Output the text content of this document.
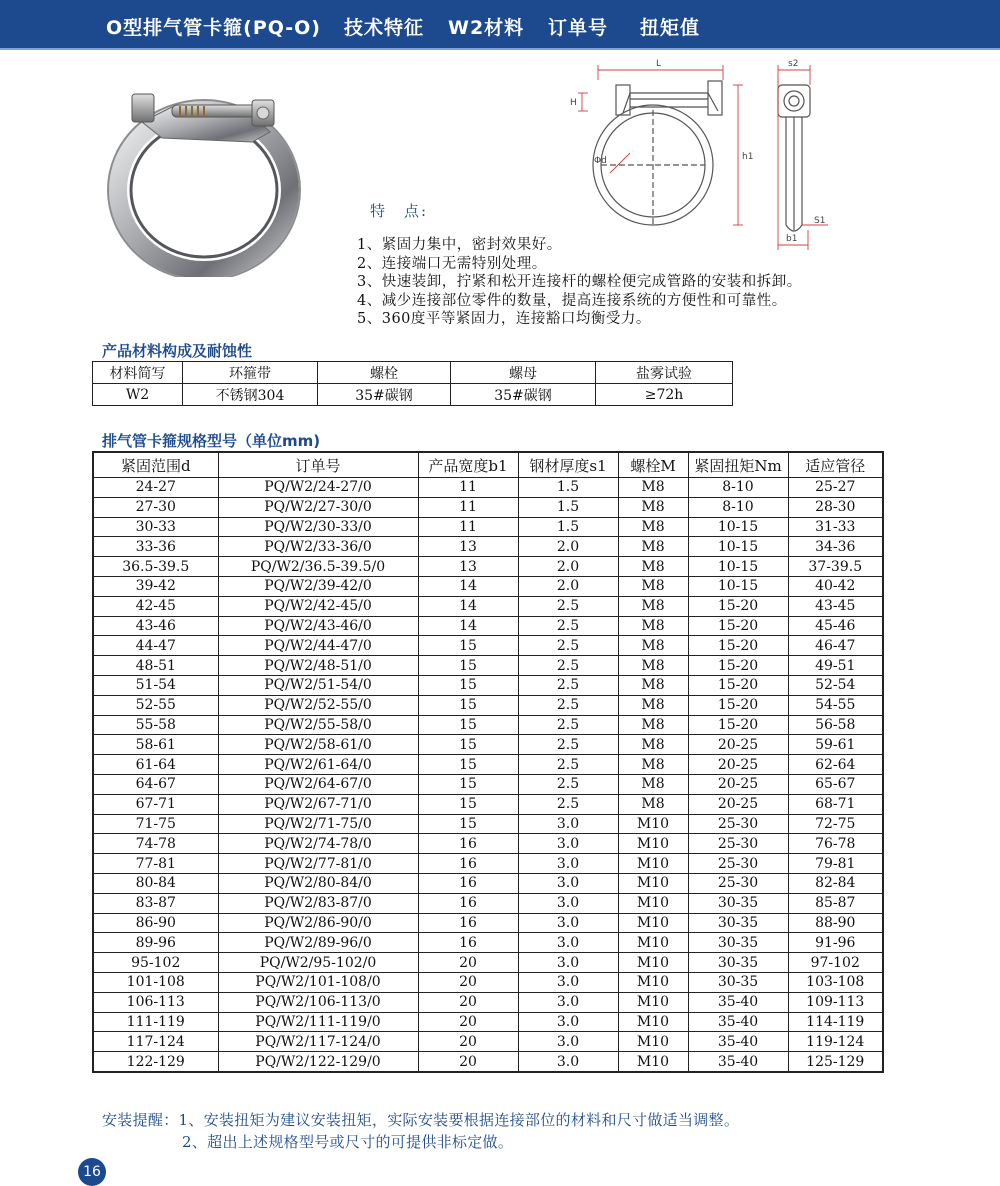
O型排气管卡箍(PQ-O) 技术特征 W2材料 订单号 扭矩值
L
H
Φd	h1
s2
S1
b1
特　点:
1、紧固力集中，密封效果好。
2、连接端口无需特别处理。
3、快速装卸，拧紧和松开连接杆的螺栓便完成管路的安装和拆卸。
4、减少连接部位零件的数量，提高连接系统的方便性和可靠性。
5、360度平等紧固力，连接豁口均衡受力。
产品材料构成及耐蚀性
材料简写	环箍带	螺栓	螺母	盐雾试验
W2	不锈钢304	35#碳钢	35#碳钢	≥72h
排气管卡箍规格型号（单位mm)
紧固范围d	订单号	产品宽度b1	钢材厚度s1	螺栓M	紧固扭矩Nm	适应管径
24-27	PQ/W2/24-27/0	11	1.5	M8	8-10	25-27
27-30	PQ/W2/27-30/0	11	1.5	M8	8-10	28-30
30-33	PQ/W2/30-33/0	11	1.5	M8	10-15	31-33
33-36	PQ/W2/33-36/0	13	2.0	M8	10-15	34-36
36.5-39.5	PQ/W2/36.5-39.5/0	13	2.0	M8	10-15	37-39.5
39-42	PQ/W2/39-42/0	14	2.0	M8	10-15	40-42
42-45	PQ/W2/42-45/0	14	2.5	M8	15-20	43-45
43-46	PQ/W2/43-46/0	14	2.5	M8	15-20	45-46
44-47	PQ/W2/44-47/0	15	2.5	M8	15-20	46-47
48-51	PQ/W2/48-51/0	15	2.5	M8	15-20	49-51
51-54	PQ/W2/51-54/0	15	2.5	M8	15-20	52-54
52-55	PQ/W2/52-55/0	15	2.5	M8	15-20	54-55
55-58	PQ/W2/55-58/0	15	2.5	M8	15-20	56-58
58-61	PQ/W2/58-61/0	15	2.5	M8	20-25	59-61
61-64	PQ/W2/61-64/0	15	2.5	M8	20-25	62-64
64-67	PQ/W2/64-67/0	15	2.5	M8	20-25	65-67
67-71	PQ/W2/67-71/0	15	2.5	M8	20-25	68-71
71-75	PQ/W2/71-75/0	15	3.0	M10	25-30	72-75
74-78	PQ/W2/74-78/0	16	3.0	M10	25-30	76-78
77-81	PQ/W2/77-81/0	16	3.0	M10	25-30	79-81
80-84	PQ/W2/80-84/0	16	3.0	M10	25-30	82-84
83-87	PQ/W2/83-87/0	16	3.0	M10	30-35	85-87
86-90	PQ/W2/86-90/0	16	3.0	M10	30-35	88-90
89-96	PQ/W2/89-96/0	16	3.0	M10	30-35	91-96
95-102	PQ/W2/95-102/0	20	3.0	M10	30-35	97-102
101-108	PQ/W2/101-108/0	20	3.0	M10	30-35	103-108
106-113	PQ/W2/106-113/0	20	3.0	M10	35-40	109-113
111-119	PQ/W2/111-119/0	20	3.0	M10	35-40	114-119
117-124	PQ/W2/117-124/0	20	3.0	M10	35-40	119-124
122-129	PQ/W2/122-129/0	20	3.0	M10	35-40	125-129
安装提醒：1、安装扭矩为建议安装扭矩，实际安装要根据连接部位的材料和尺寸做适当调整。
2、超出上述规格型号或尺寸的可提供非标定做。
16
